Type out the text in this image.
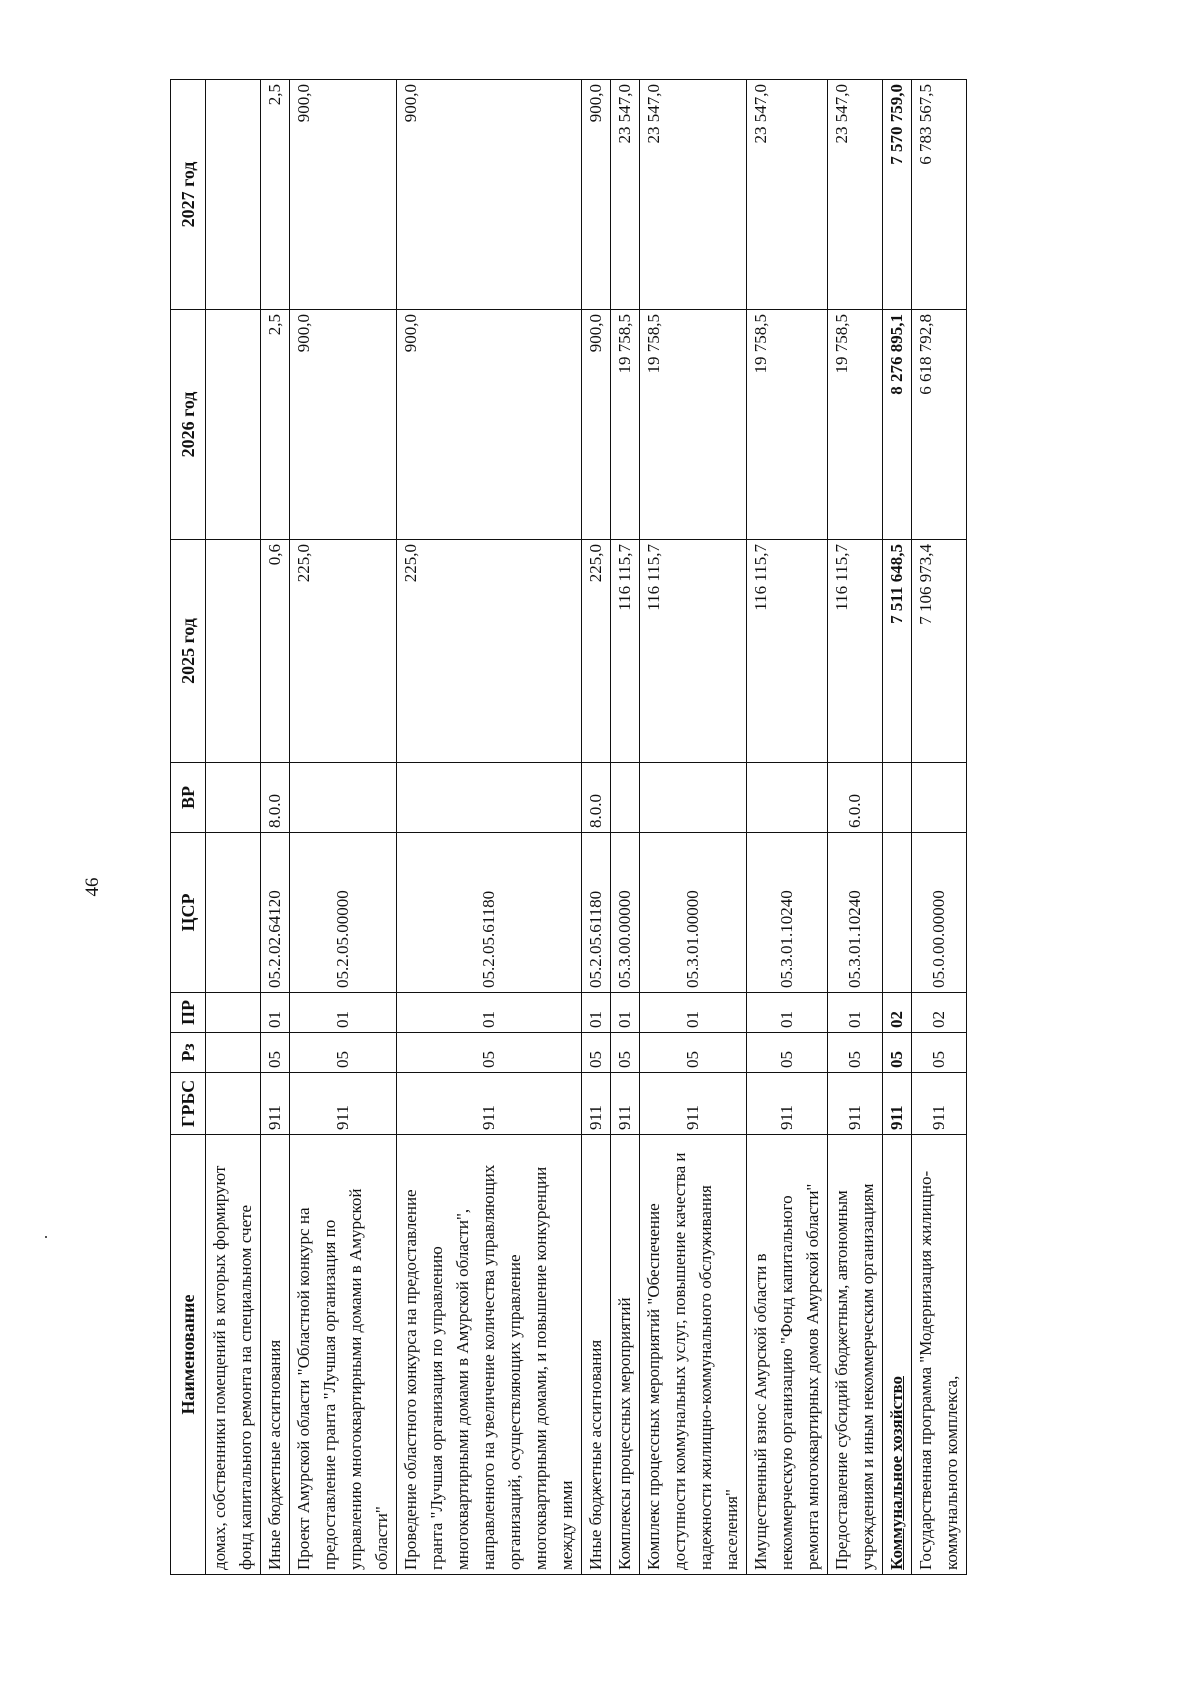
46
Наименование	ГРБС	Рз	ПР	ЦСР	ВР	2025 год	2026 год	2027 год
домах, собственники помещений в которых формируют фонд капитального ремонта на специальном счете								
Иные бюджетные ассигнования	911	05	01	05.2.02.64120	8.0.0	0,6	2,5	2,5
Проект Амурской области "Областной конкурс на предоставление гранта "Лучшая организация по управлению многоквартирными домами в Амурской области"	911	05	01	05.2.05.00000		225,0	900,0	900,0
Проведение областного конкурса на предоставление гранта "Лучшая организация по управлению многоквартирными домами в Амурской области", направленного на увеличение количества управляющих организаций, осуществляющих управление многоквартирными домами, и повышение конкуренции между ними	911	05	01	05.2.05.61180		225,0	900,0	900,0
Иные бюджетные ассигнования	911	05	01	05.2.05.61180	8.0.0	225,0	900,0	900,0
Комплексы процессных мероприятий	911	05	01	05.3.00.00000		116 115,7	19 758,5	23 547,0
Комплекс процессных мероприятий "Обеспечение доступности коммунальных услуг, повышение качества и надежности жилищно-коммунального обслуживания населения"	911	05	01	05.3.01.00000		116 115,7	19 758,5	23 547,0
Имущественный взнос Амурской области в некоммерческую организацию "Фонд капитального ремонта многоквартирных домов Амурской области"	911	05	01	05.3.01.10240		116 115,7	19 758,5	23 547,0
Предоставление субсидий бюджетным, автономным учреждениям и иным некоммерческим организациям	911	05	01	05.3.01.10240	6.0.0	116 115,7	19 758,5	23 547,0
Коммунальное хозяйство	911	05	02			7 511 648,5	8 276 895,1	7 570 759,0
Государственная программа "Модернизация жилищно-коммунального комплекса,	911	05	02	05.0.00.00000		7 106 973,4	6 618 792,8	6 783 567,5
